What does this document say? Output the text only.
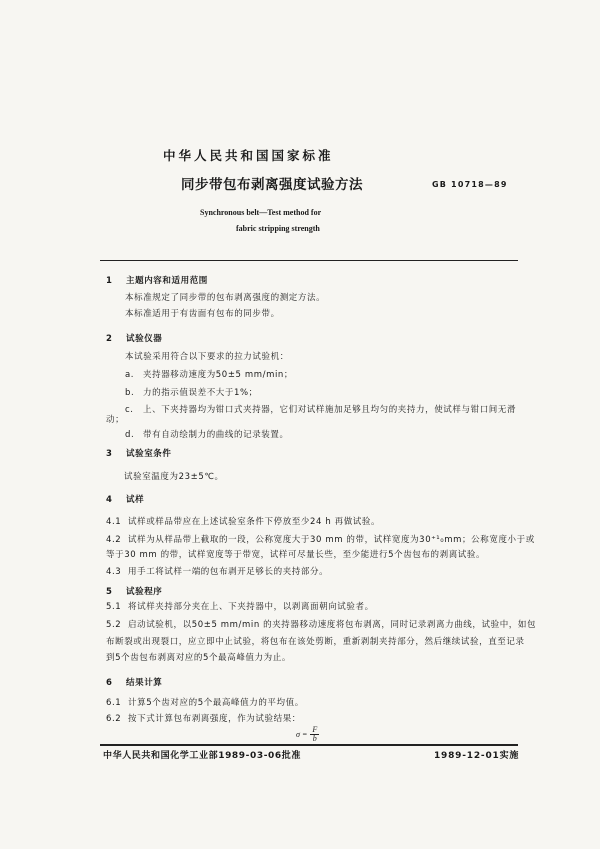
中华人民共和国国家标准
同步带包布剥离强度试验方法	GB 10718—89
Synchronous belt—Test method for
fabric stripping strength
1 主题内容和适用范围
本标准规定了同步带的包布剥离强度的测定方法。
本标准适用于有齿面有包布的同步带。
2 试验仪器
本试验采用符合以下要求的拉力试验机：
a. 夹持器移动速度为50±5 mm/min；
b. 力的指示值误差不大于1%；
c. 上、下夹持器均为钳口式夹持器，它们对试样施加足够且均匀的夹持力，使试样与钳口间无滑
动；
d. 带有自动绘制力的曲线的记录装置。
3 试验室条件
试验室温度为23±5℃。
4 试样
4.1 试样或样品带应在上述试验室条件下停放至少24 h 再做试验。
4.2 试样为从样品带上截取的一段，公称宽度大于30 mm 的带，试样宽度为30⁺¹₀mm；公称宽度小于或
等于30 mm 的带，试样宽度等于带宽，试样可尽量长些，至少能进行5个齿包布的剥离试验。
4.3 用手工将试样一端的包布剥开足够长的夹持部分。
5 试验程序
5.1 将试样夹持部分夹在上、下夹持器中，以剥离面朝向试验者。
5.2 启动试验机，以50±5 mm/min 的夹持器移动速度将包布剥离，同时记录剥离力曲线，试验中，如包
布断裂或出现裂口，应立即中止试验，将包布在该处剪断，重新剥制夹持部分，然后继续试验，直至记录
到5个齿包布剥离对应的5个最高峰值力为止。
6 结果计算
6.1 计算5个齿对应的5个最高峰值力的平均值。
6.2 按下式计算包布剥离强度，作为试验结果：
$\sigma = \frac{F}{b}$
中华人民共和国化学工业部1989-03-06批准	1989-12-01实施
